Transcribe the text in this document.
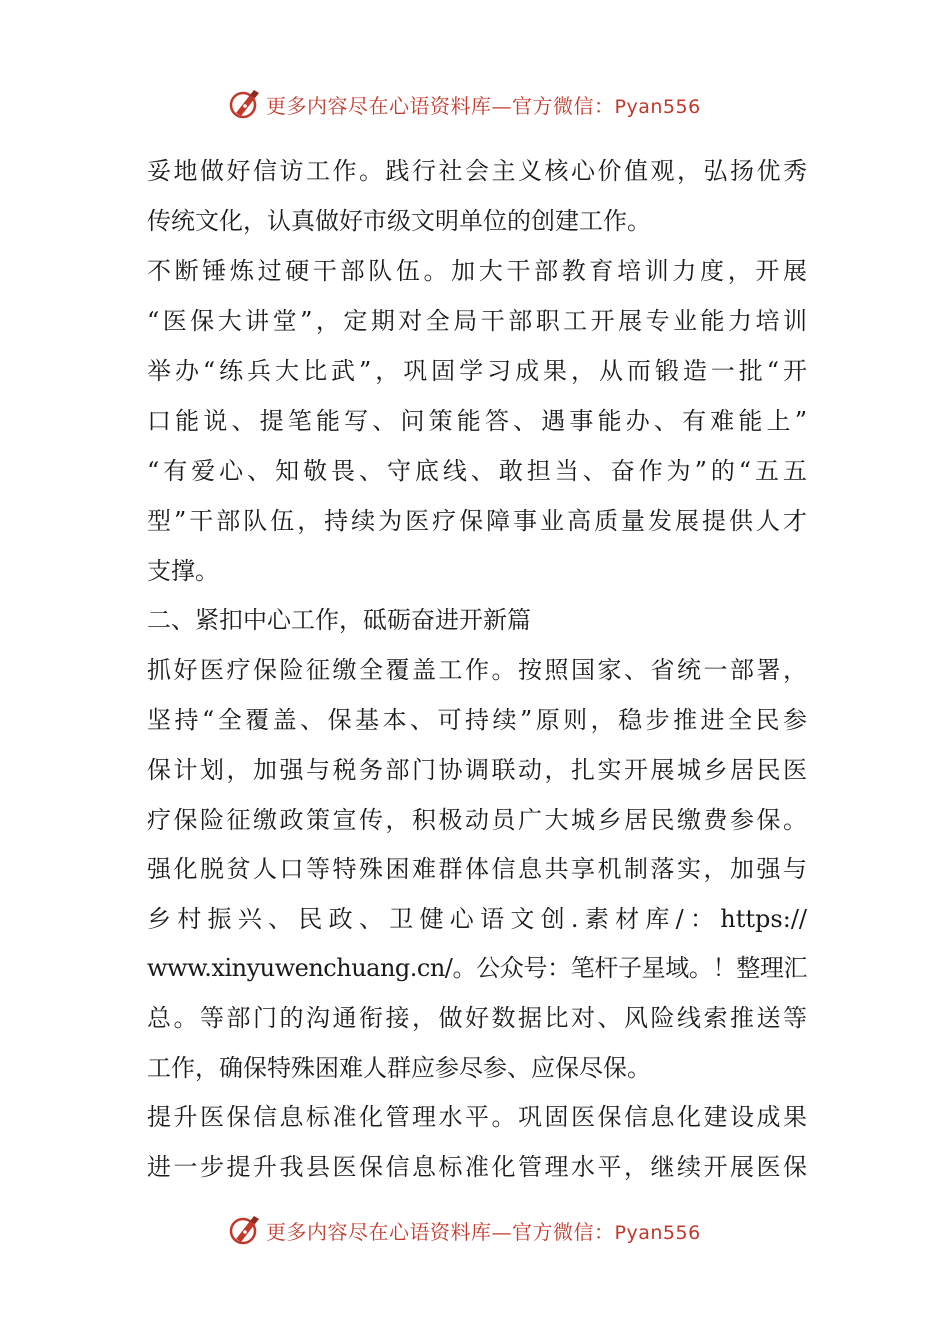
更多内容尽在心语资料库—官方微信：Pyan556
妥地做好信访工作。践行社会主义核心价值观，弘扬优秀
传统文化，认真做好市级文明单位的创建工作。
不断锤炼过硬干部队伍。加大干部教育培训力度，开展
“医保大讲堂”，定期对全局干部职工开展专业能力培训
举办“练兵大比武”，巩固学习成果，从而锻造一批“开
口能说、提笔能写、问策能答、遇事能办、有难能上”
“有爱心、知敬畏、守底线、敢担当、奋作为”的“五五
型”干部队伍，持续为医疗保障事业高质量发展提供人才
支撑。
二、紧扣中心工作，砥砺奋进开新篇
抓好医疗保险征缴全覆盖工作。按照国家、省统一部署，
坚持“全覆盖、保基本、可持续”原则，稳步推进全民参
保计划，加强与税务部门协调联动，扎实开展城乡居民医
疗保险征缴政策宣传，积极动员广大城乡居民缴费参保。
强化脱贫人口等特殊困难群体信息共享机制落实，加强与
乡村振兴、民政、卫健心语文创.素材库/：https://
www.xinyuwenchuang.cn/。公众号：笔杆子星域。！整理汇
总。等部门的沟通衔接，做好数据比对、风险线索推送等
工作，确保特殊困难人群应参尽参、应保尽保。
提升医保信息标准化管理水平。巩固医保信息化建设成果
进一步提升我县医保信息标准化管理水平，继续开展医保
更多内容尽在心语资料库—官方微信：Pyan556
